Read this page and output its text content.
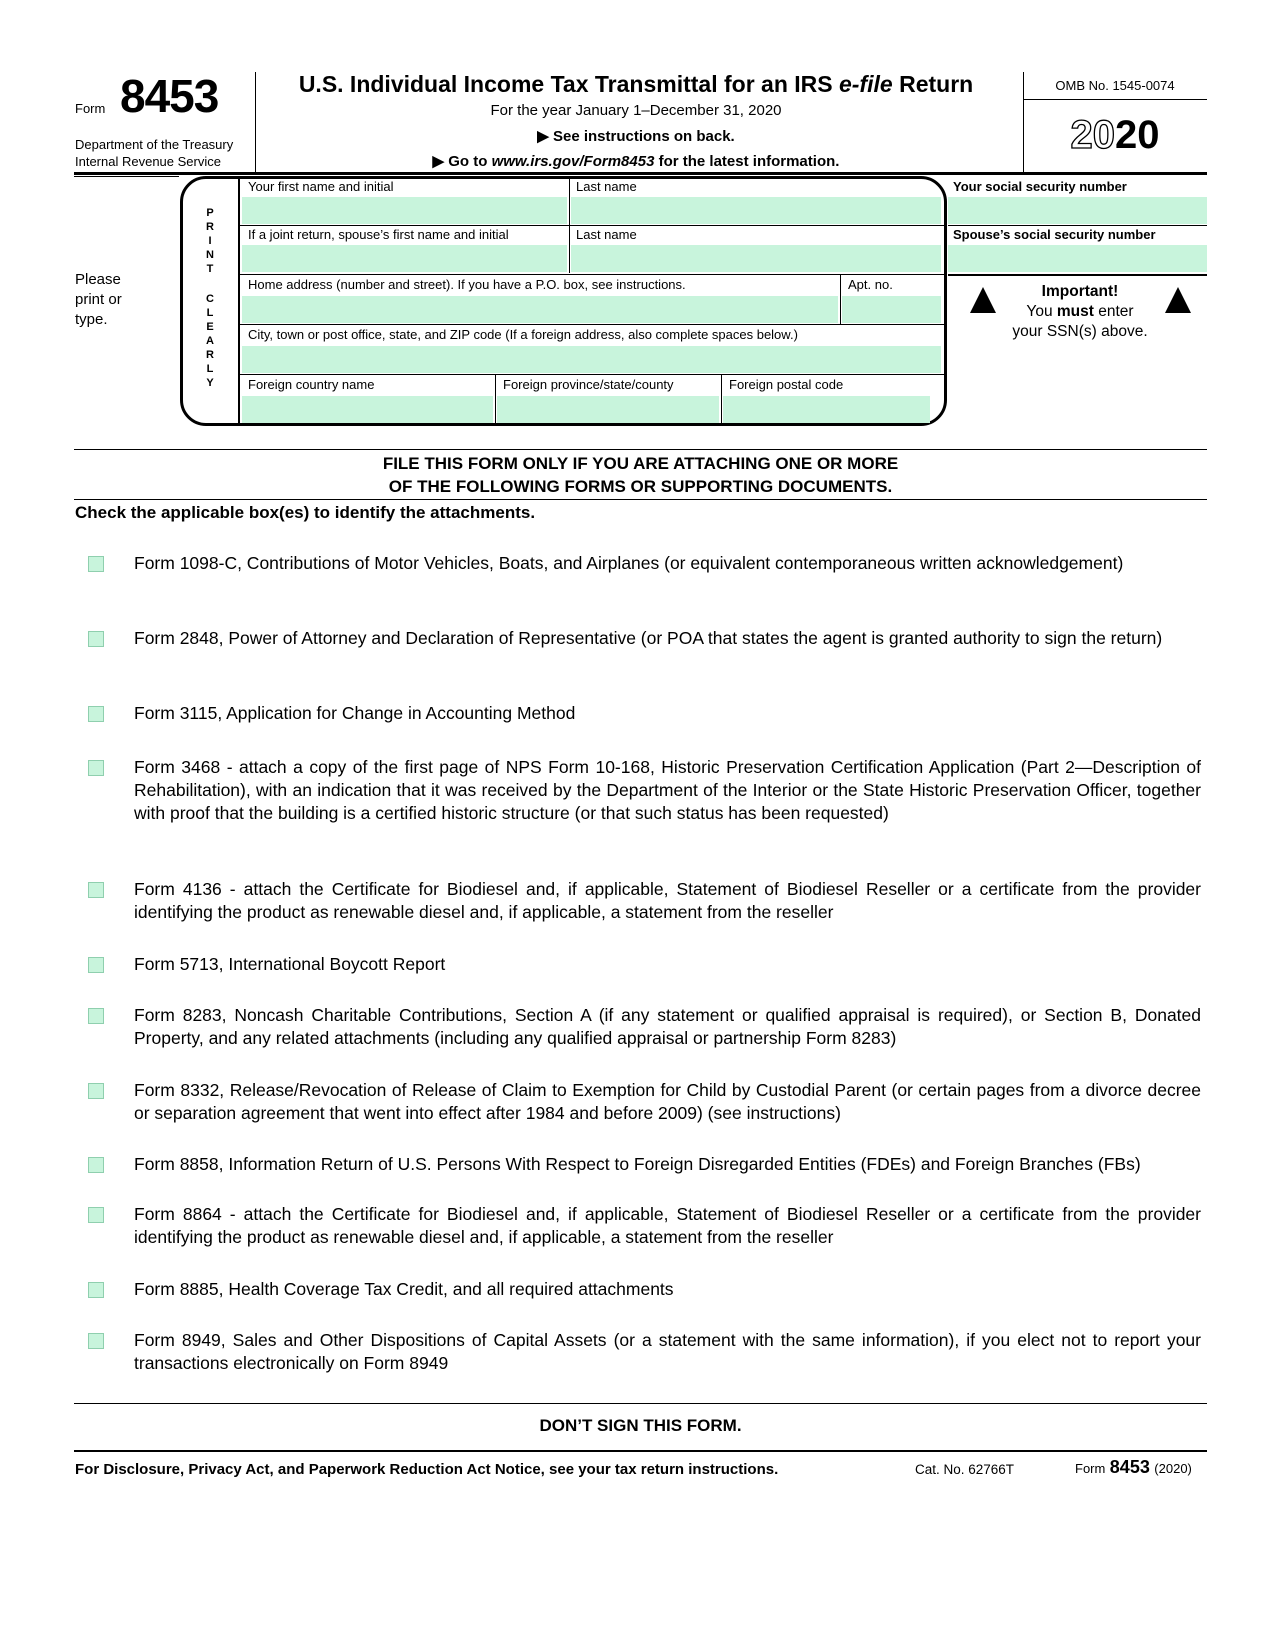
Form 8453
Department of the Treasury
Internal Revenue Service
U.S. Individual Income Tax Transmittal for an IRS e-file Return
For the year January 1–December 31, 2020
▶ See instructions on back.
▶ Go to www.irs.gov/Form8453 for the latest information.
OMB No. 1545-0074
2020
Please
print or
type.
P
R
I
N
T
C
L
E
A
R
L
Y
Your first name and initial	Last name
If a joint return, spouse’s first name and initial	Last name
Home address (number and street). If you have a P.O. box, see instructions.	Apt. no.
City, town or post office, state, and ZIP code (If a foreign address, also complete spaces below.)
Foreign country name	Foreign province/state/county	Foreign postal code
Your social security number
Spouse’s social security number
Important!
You must enter
your SSN(s) above.
FILE THIS FORM ONLY IF YOU ARE ATTACHING ONE OR MORE
OF THE FOLLOWING FORMS OR SUPPORTING DOCUMENTS.
Check the applicable box(es) to identify the attachments.
Form 1098-C, Contributions of Motor Vehicles, Boats, and Airplanes (or equivalent contemporaneous written acknowledgement)
Form 2848, Power of Attorney and Declaration of Representative (or POA that states the agent is granted authority to sign the return)
Form 3115, Application for Change in Accounting Method
Form 3468 - attach a copy of the first page of NPS Form 10-168, Historic Preservation Certification Application (Part 2—Description of Rehabilitation), with an indication that it was received by the Department of the Interior or the State Historic Preservation Officer, together with proof that the building is a certified historic structure (or that such status has been requested)
Form 4136 - attach the Certificate for Biodiesel and, if applicable, Statement of Biodiesel Reseller or a certificate from the provider identifying the product as renewable diesel and, if applicable, a statement from the reseller
Form 5713, International Boycott Report
Form 8283, Noncash Charitable Contributions, Section A (if any statement or qualified appraisal is required), or Section B, Donated Property, and any related attachments (including any qualified appraisal or partnership Form 8283)
Form 8332, Release/Revocation of Release of Claim to Exemption for Child by Custodial Parent (or certain pages from a divorce decree or separation agreement that went into effect after 1984 and before 2009) (see instructions)
Form 8858, Information Return of U.S. Persons With Respect to Foreign Disregarded Entities (FDEs) and Foreign Branches (FBs)
Form 8864 - attach the Certificate for Biodiesel and, if applicable, Statement of Biodiesel Reseller or a certificate from the provider identifying the product as renewable diesel and, if applicable, a statement from the reseller
Form 8885, Health Coverage Tax Credit, and all required attachments
Form 8949, Sales and Other Dispositions of Capital Assets (or a statement with the same information), if you elect not to report your transactions electronically on Form 8949
DON’T SIGN THIS FORM.
For Disclosure, Privacy Act, and Paperwork Reduction Act Notice, see your tax return instructions.	Cat. No. 62766T	Form 8453 (2020)
